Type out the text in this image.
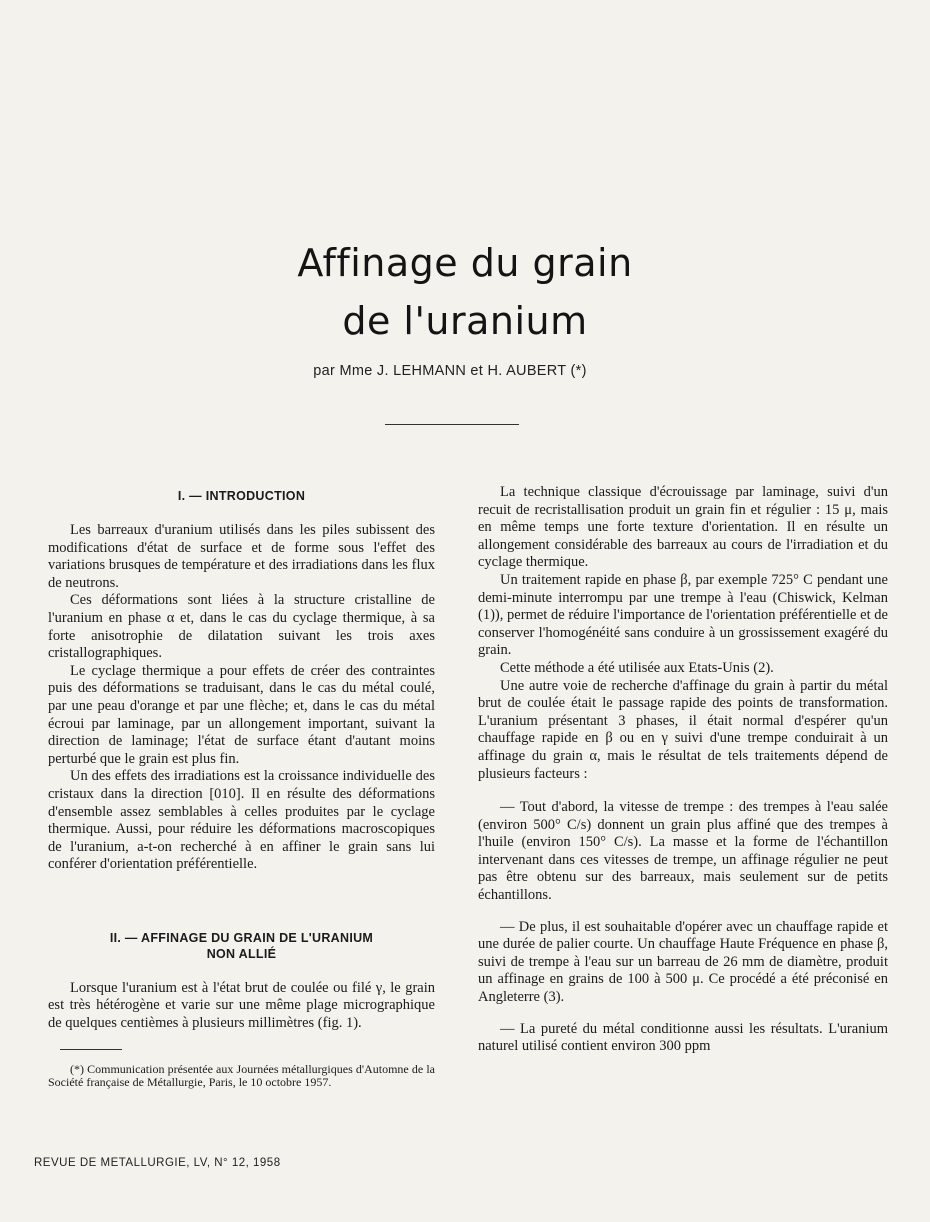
Affinage du grain
de l'uranium
par Mme J. LEHMANN et H. AUBERT (*)
I. — INTRODUCTION

Les barreaux d'uranium utilisés dans les piles subissent des modifications d'état de surface et de forme sous l'effet des variations brusques de température et des irradiations dans les flux de neutrons.

Ces déformations sont liées à la structure cristalline de l'uranium en phase α et, dans le cas du cyclage thermique, à sa forte anisotrophie de dilatation suivant les trois axes cristallographiques.

Le cyclage thermique a pour effets de créer des contraintes puis des déformations se traduisant, dans le cas du métal coulé, par une peau d'orange et par une flèche; et, dans le cas du métal écroui par laminage, par un allongement important, suivant la direction de laminage; l'état de surface étant d'autant moins perturbé que le grain est plus fin.

Un des effets des irradiations est la croissance individuelle des cristaux dans la direction [010]. Il en résulte des déformations d'ensemble assez semblables à celles produites par le cyclage thermique. Aussi, pour réduire les déformations macroscopiques de l'uranium, a-t-on recherché à en affiner le grain sans lui conférer d'orientation préférentielle.

II. — AFFINAGE DU GRAIN DE L'URANIUM
NON ALLIÉ

Lorsque l'uranium est à l'état brut de coulée ou filé γ, le grain est très hétérogène et varie sur une même plage micrographique de quelques centièmes à plusieurs millimètres (fig. 1).

(*) Communication présentée aux Journées métallurgiques d'Automne de la Société française de Métallurgie, Paris, le 10 octobre 1957.

La technique classique d'écrouissage par laminage, suivi d'un recuit de recristallisation produit un grain fin et régulier : 15 μ, mais en même temps une forte texture d'orientation. Il en résulte un allongement considérable des barreaux au cours de l'irradiation et du cyclage thermique.

Un traitement rapide en phase β, par exemple 725° C pendant une demi-minute interrompu par une trempe à l'eau (Chiswick, Kelman (1)), permet de réduire l'importance de l'orientation préférentielle et de conserver l'homogénéité sans conduire à un grossissement exagéré du grain.

Cette méthode a été utilisée aux Etats-Unis (2).

Une autre voie de recherche d'affinage du grain à partir du métal brut de coulée était le passage rapide des points de transformation. L'uranium présentant 3 phases, il était normal d'espérer qu'un chauffage rapide en β ou en γ suivi d'une trempe conduirait à un affinage du grain α, mais le résultat de tels traitements dépend de plusieurs facteurs :

— Tout d'abord, la vitesse de trempe : des trempes à l'eau salée (environ 500° C/s) donnent un grain plus affiné que des trempes à l'huile (environ 150° C/s). La masse et la forme de l'échantillon intervenant dans ces vitesses de trempe, un affinage régulier ne peut pas être obtenu sur des barreaux, mais seulement sur de petits échantillons.

— De plus, il est souhaitable d'opérer avec un chauffage rapide et une durée de palier courte. Un chauffage Haute Fréquence en phase β, suivi de trempe à l'eau sur un barreau de 26 mm de diamètre, produit un affinage en grains de 100 à 500 μ. Ce procédé a été préconisé en Angleterre (3).

— La pureté du métal conditionne aussi les résultats. L'uranium naturel utilisé contient environ 300 ppm

REVUE DE METALLURGIE, LV, N° 12, 1958
